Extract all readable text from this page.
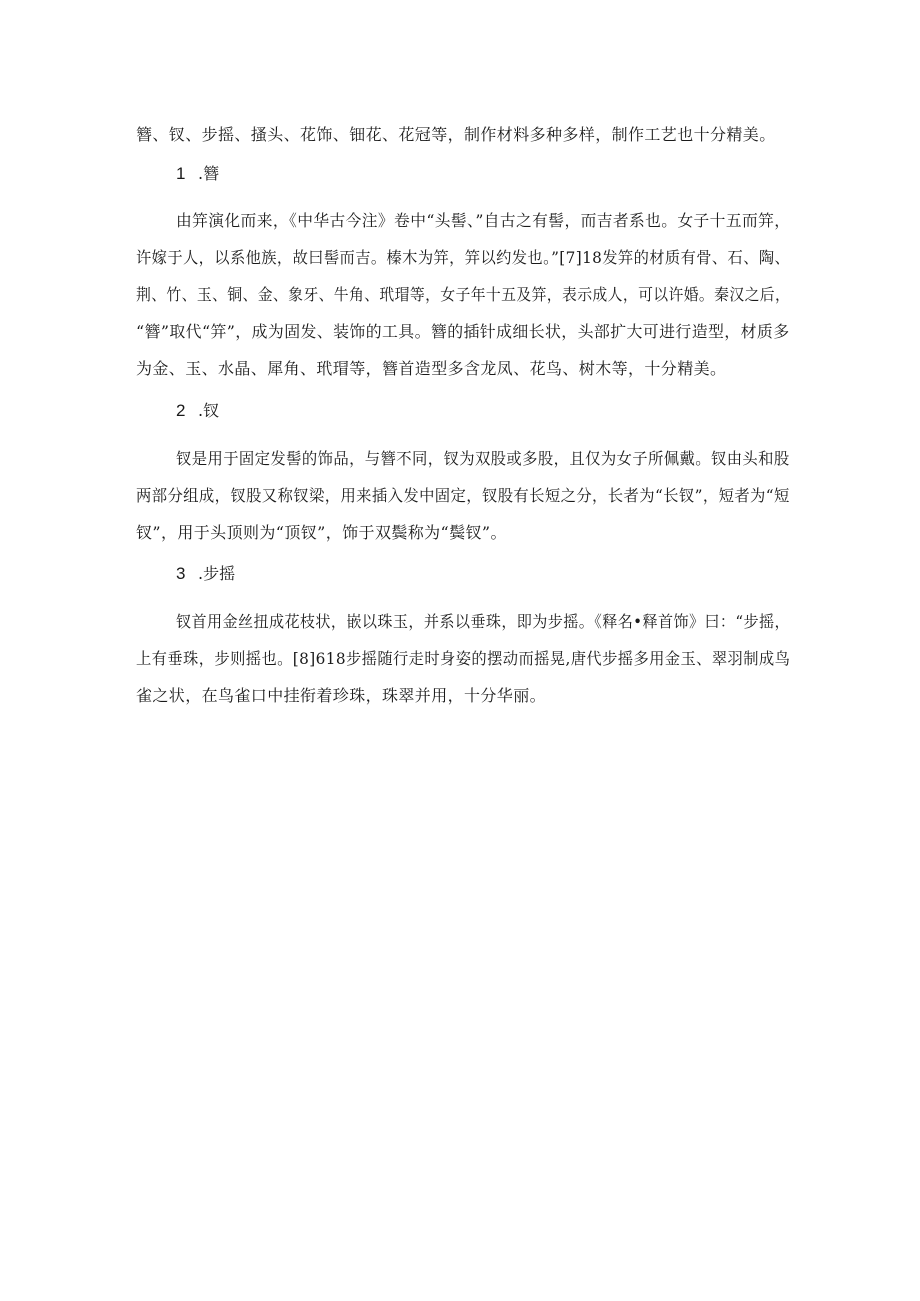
簪、钗、步摇、搔头、花饰、钿花、花冠等，制作材料多种多样，制作工艺也十分精美。
1 .簪
由笄演化而来，《中华古今注》卷中“头髻、”自古之有髻，而吉者系也。女子十五而笄，
许嫁于人，以系他族，故曰髻而吉。榛木为笄，笄以约发也。”[7]18发笄的材质有骨、石、陶、
荆、竹、玉、铜、金、象牙、牛角、玳瑁等，女子年十五及笄，表示成人，可以许婚。秦汉之后，
“簪”取代“笄”，成为固发、装饰的工具。簪的插针成细长状，头部扩大可进行造型，材质多
为金、玉、水晶、犀角、玳瑁等，簪首造型多含龙凤、花鸟、树木等，十分精美。
2 .钗
钗是用于固定发髻的饰品，与簪不同，钗为双股或多股，且仅为女子所佩戴。钗由头和股
两部分组成，钗股又称钗梁，用来插入发中固定，钗股有长短之分，长者为“长钗”，短者为“短
钗”，用于头顶则为“顶钗”，饰于双鬓称为“鬓钗”。
3 .步摇
钗首用金丝扭成花枝状，嵌以珠玉，并系以垂珠，即为步摇。《释名•释首饰》曰：“步摇，
上有垂珠，步则摇也。[8]618步摇随行走时身姿的摆动而摇晃,唐代步摇多用金玉、翠羽制成鸟
雀之状，在鸟雀口中挂衔着珍珠，珠翠并用，十分华丽。
